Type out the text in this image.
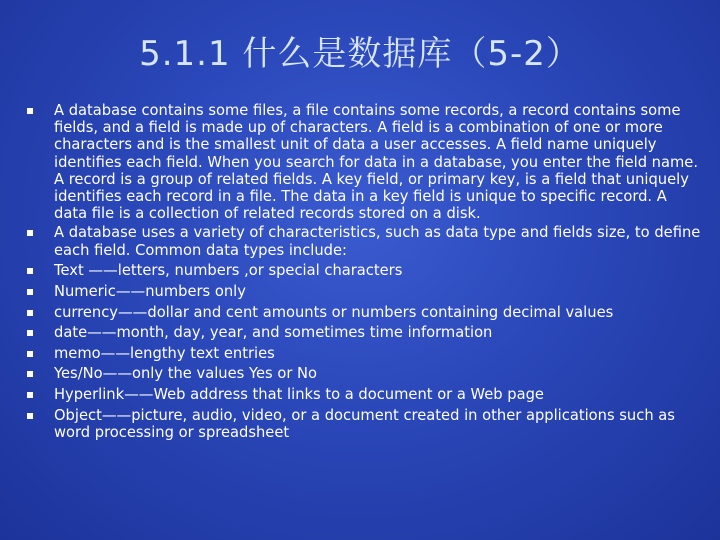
5.1.1 什么是数据库（5-2）
A database contains some files, a file contains some records, a record contains some fields, and a field is made up of characters. A field is a combination of one or more characters and is the smallest unit of data a user accesses. A field name uniquely identifies each field. When you search for data in a database, you enter the field name. A record is a group of related fields. A key field, or primary key, is a field that uniquely identifies each record in a file. The data in a key field is unique to specific record. A data file is a collection of related records stored on a disk.
A database uses a variety of characteristics, such as data type and fields size, to define each field. Common data types include:
Text ——letters, numbers ,or special characters
Numeric——numbers only
currency——dollar and cent amounts or numbers containing decimal values
date——month, day, year, and sometimes time information
memo——lengthy text entries
Yes/No——only the values Yes or No
Hyperlink——Web address that links to a document or a Web page
Object——picture, audio, video, or a document created in other applications such as word processing or spreadsheet
